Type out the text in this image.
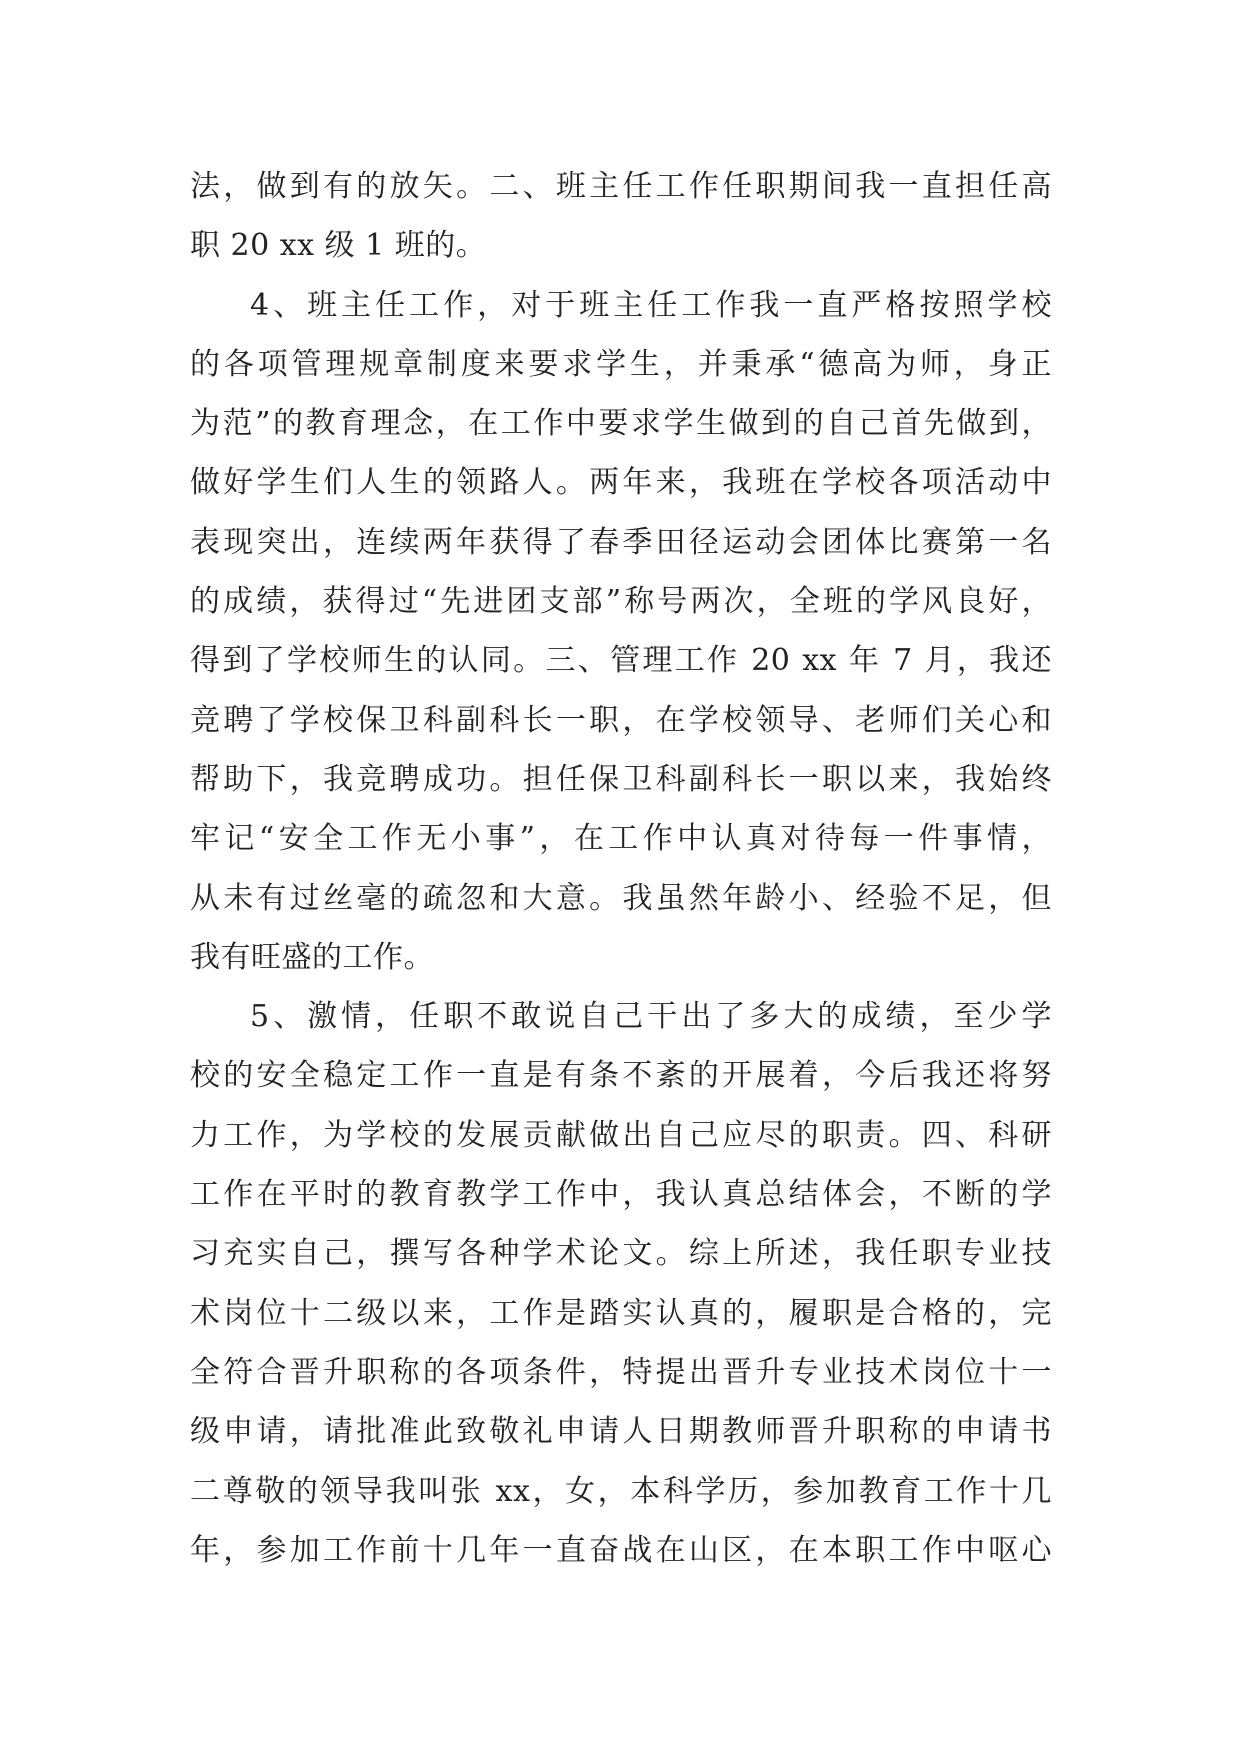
法，做到有的放矢。二、班主任工作任职期间我一直担任高
职 20 xx 级 1 班的。
4、班主任工作，对于班主任工作我一直严格按照学校
的各项管理规章制度来要求学生，并秉承“德高为师，身正
为范”的教育理念，在工作中要求学生做到的自己首先做到，
做好学生们人生的领路人。两年来，我班在学校各项活动中
表现突出，连续两年获得了春季田径运动会团体比赛第一名
的成绩，获得过“先进团支部”称号两次，全班的学风良好，
得到了学校师生的认同。三、管理工作 20 xx 年 7 月，我还
竞聘了学校保卫科副科长一职，在学校领导、老师们关心和
帮助下，我竞聘成功。担任保卫科副科长一职以来，我始终
牢记“安全工作无小事”，在工作中认真对待每一件事情，
从未有过丝毫的疏忽和大意。我虽然年龄小、经验不足，但
我有旺盛的工作。
5、激情，任职不敢说自己干出了多大的成绩，至少学
校的安全稳定工作一直是有条不紊的开展着，今后我还将努
力工作，为学校的发展贡献做出自己应尽的职责。四、科研
工作在平时的教育教学工作中，我认真总结体会，不断的学
习充实自己，撰写各种学术论文。综上所述，我任职专业技
术岗位十二级以来，工作是踏实认真的，履职是合格的，完
全符合晋升职称的各项条件，特提出晋升专业技术岗位十一
级申请，请批准此致敬礼申请人日期教师晋升职称的申请书
二尊敬的领导我叫张 xx，女，本科学历，参加教育工作十几
年，参加工作前十几年一直奋战在山区，在本职工作中呕心
